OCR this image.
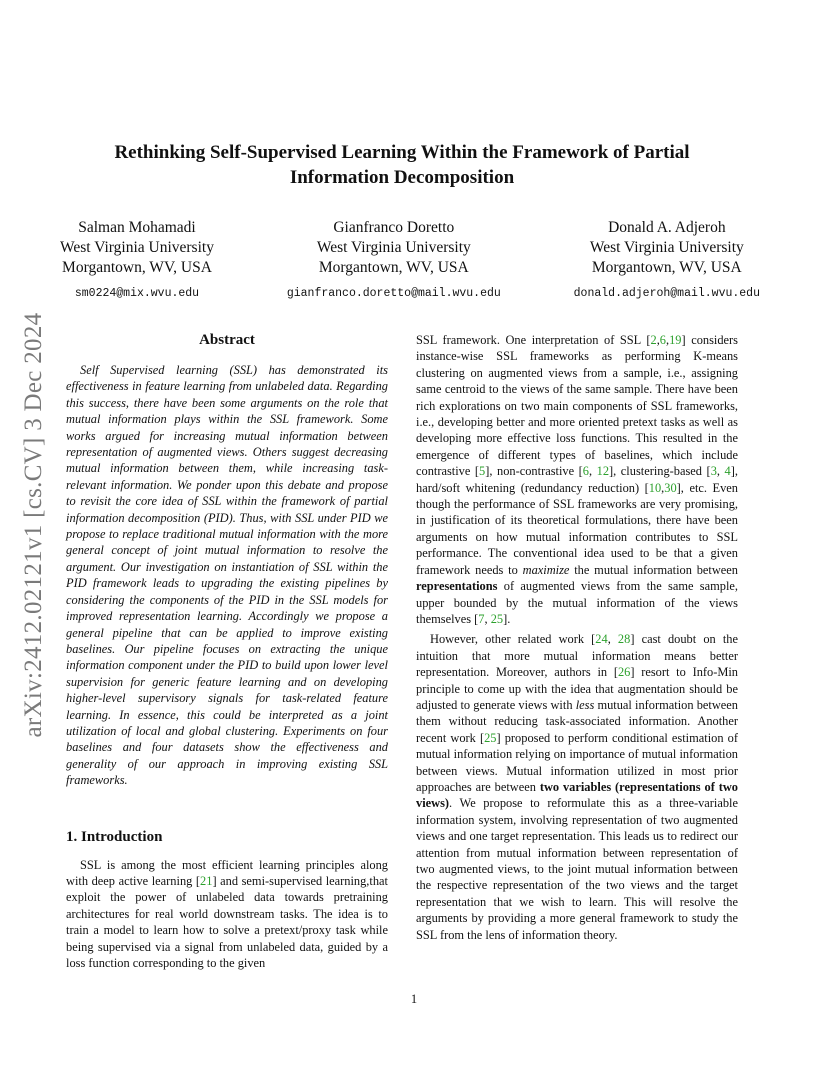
arXiv:2412.02121v1 [cs.CV] 3 Dec 2024
Rethinking Self-Supervised Learning Within the Framework of Partial Information Decomposition
Salman Mohamadi
West Virginia University
Morgantown, WV, USA
sm0224@mix.wvu.edu
Gianfranco Doretto
West Virginia University
Morgantown, WV, USA
gianfranco.doretto@mail.wvu.edu
Donald A. Adjeroh
West Virginia University
Morgantown, WV, USA
donald.adjeroh@mail.wvu.edu
Abstract

Self Supervised learning (SSL) has demonstrated its effectiveness in feature learning from unlabeled data. Regarding this success, there have been some arguments on the role that mutual information plays within the SSL framework. Some works argued for increasing mutual information between representation of augmented views. Others suggest decreasing mutual information between them, while increasing task-relevant information. We ponder upon this debate and propose to revisit the core idea of SSL within the framework of partial information decomposition (PID). Thus, with SSL under PID we propose to replace traditional mutual information with the more general concept of joint mutual information to resolve the argument. Our investigation on instantiation of SSL within the PID framework leads to upgrading the existing pipelines by considering the components of the PID in the SSL models for improved representation learning. Accordingly we propose a general pipeline that can be applied to improve existing baselines. Our pipeline focuses on extracting the unique information component under the PID to build upon lower level supervision for generic feature learning and on developing higher-level supervisory signals for task-related feature learning. In essence, this could be interpreted as a joint utilization of local and global clustering. Experiments on four baselines and four datasets show the effectiveness and generality of our approach in improving existing SSL frameworks.

1. Introduction

SSL is among the most efficient learning principles along with deep active learning [21] and semi-supervised learning,that exploit the power of unlabeled data towards pretraining architectures for real world downstream tasks. The idea is to train a model to learn how to solve a pretext/proxy task while being supervised via a signal from unlabeled data, guided by a loss function corresponding to the given

SSL framework. One interpretation of SSL [2,6,19] considers instance-wise SSL frameworks as performing K-means clustering on augmented views from a sample, i.e., assigning same centroid to the views of the same sample. There have been rich explorations on two main components of SSL frameworks, i.e., developing better and more oriented pretext tasks as well as developing more effective loss functions. This resulted in the emergence of different types of baselines, which include contrastive [5], non-contrastive [6, 12], clustering-based [3, 4], hard/soft whitening (redundancy reduction) [10,30], etc. Even though the performance of SSL frameworks are very promising, in justification of its theoretical formulations, there have been arguments on how mutual information contributes to SSL performance. The conventional idea used to be that a given framework needs to maximize the mutual information between representations of augmented views from the same sample, upper bounded by the mutual information of the views themselves [7, 25].

However, other related work [24, 28] cast doubt on the intuition that more mutual information means better representation. Moreover, authors in [26] resort to Info-Min principle to come up with the idea that augmentation should be adjusted to generate views with less mutual information between them without reducing task-associated information. Another recent work [25] proposed to perform conditional estimation of mutual information relying on importance of mutual information between views. Mutual information utilized in most prior approaches are between two variables (representations of two views). We propose to reformulate this as a three-variable information system, involving representation of two augmented views and one target representation. This leads us to redirect our attention from mutual information between representation of two augmented views, to the joint mutual information between the respective representation of the two views and the target representation that we wish to learn. This will resolve the arguments by providing a more general framework to study the SSL from the lens of information theory.

1
